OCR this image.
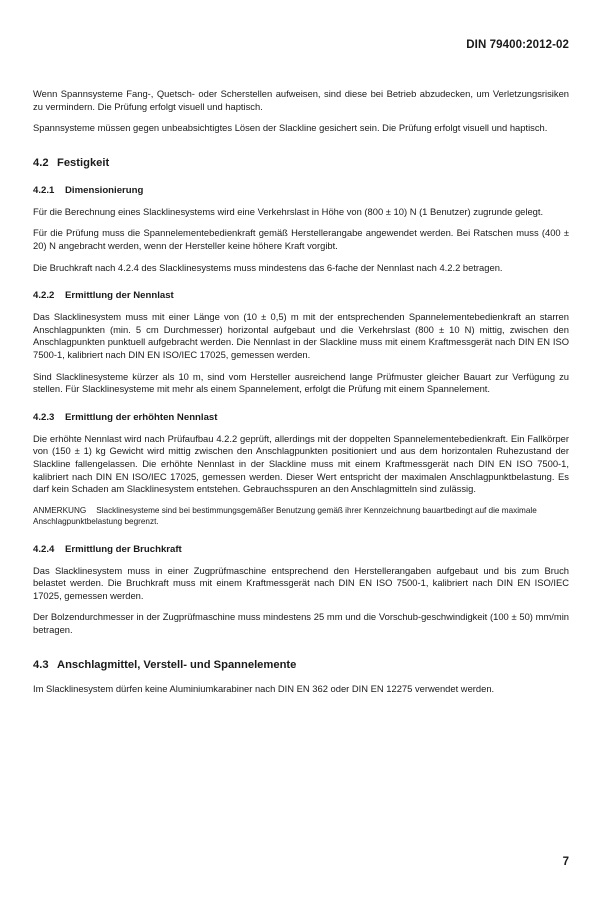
DIN 79400:2012-02

Wenn Spannsysteme Fang-, Quetsch- oder Scherstellen aufweisen, sind diese bei Betrieb abzudecken, um Verletzungsrisiken zu vermindern. Die Prüfung erfolgt visuell und haptisch.

Spannsysteme müssen gegen unbeabsichtigtes Lösen der Slackline gesichert sein. Die Prüfung erfolgt visuell und haptisch.

4.2 Festigkeit
4.2.1 Dimensionierung

Für die Berechnung eines Slacklinesystems wird eine Verkehrslast in Höhe von (800 ± 10) N (1 Benutzer) zugrunde gelegt.

Für die Prüfung muss die Spannelementebedienkraft gemäß Herstellerangabe angewendet werden. Bei Ratschen muss (400 ± 20) N angebracht werden, wenn der Hersteller keine höhere Kraft vorgibt.

Die Bruchkraft nach 4.2.4 des Slacklinesystems muss mindestens das 6-fache der Nennlast nach 4.2.2 betragen.

4.2.2 Ermittlung der Nennlast

Das Slacklinesystem muss mit einer Länge von (10 ± 0,5) m mit der entsprechenden Spannelementebedienkraft an starren Anschlagpunkten (min. 5 cm Durchmesser) horizontal aufgebaut und die Verkehrslast (800 ± 10 N) mittig, zwischen den Anschlagpunkten punktuell aufgebracht werden. Die Nennlast in der Slackline muss mit einem Kraftmessgerät nach DIN EN ISO 7500-1, kalibriert nach DIN EN ISO/IEC 17025, gemessen werden.

Sind Slacklinesysteme kürzer als 10 m, sind vom Hersteller ausreichend lange Prüfmuster gleicher Bauart zur Verfügung zu stellen. Für Slacklinesysteme mit mehr als einem Spannelement, erfolgt die Prüfung mit einem Spannelement.

4.2.3 Ermittlung der erhöhten Nennlast

Die erhöhte Nennlast wird nach Prüfaufbau 4.2.2 geprüft, allerdings mit der doppelten Spannelementebedienkraft. Ein Fallkörper von (150 ± 1) kg Gewicht wird mittig zwischen den Anschlagpunkten positioniert und aus dem horizontalen Ruhezustand der Slackline fallengelassen. Die erhöhte Nennlast in der Slackline muss mit einem Kraftmessgerät nach DIN EN ISO 7500-1, kalibriert nach DIN EN ISO/IEC 17025, gemessen werden. Dieser Wert entspricht der maximalen Anschlagpunktbelastung. Es darf kein Schaden am Slacklinesystem entstehen. Gebrauchsspuren an den Anschlagmitteln sind zulässig.

ANMERKUNG Slacklinesysteme sind bei bestimmungsgemäßer Benutzung gemäß ihrer Kennzeichnung bauartbedingt auf die maximale Anschlagpunktbelastung begrenzt.

4.2.4 Ermittlung der Bruchkraft

Das Slacklinesystem muss in einer Zugprüfmaschine entsprechend den Herstellerangaben aufgebaut und bis zum Bruch belastet werden. Die Bruchkraft muss mit einem Kraftmessgerät nach DIN EN ISO 7500-1, kalibriert nach DIN EN ISO/IEC 17025, gemessen werden.

Der Bolzendurchmesser in der Zugprüfmaschine muss mindestens 25 mm und die Vorschub-geschwindigkeit (100 ± 50) mm/min betragen.

4.3 Anschlagmittel, Verstell- und Spannelemente

Im Slacklinesystem dürfen keine Aluminiumkarabiner nach DIN EN 362 oder DIN EN 12275 verwendet werden.

7
